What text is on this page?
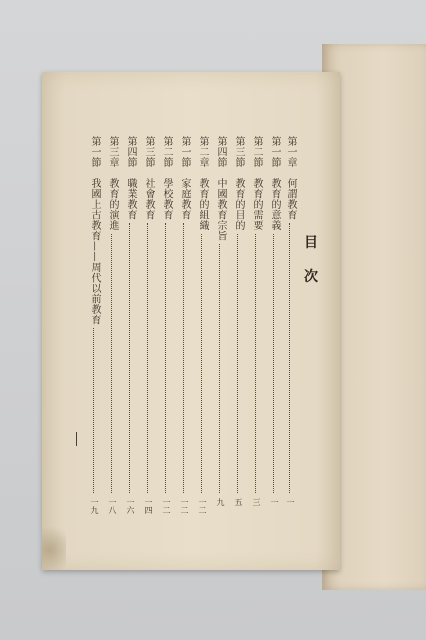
目
次
第一章　何謂教育
一
第一節　教育的意義
一
第二節　教育的需要
三
第三節　教育的目的
五
第四節　中國教育宗旨
九
第二章　教育的組織
一二
第一節　家庭教育
一二
第二節　學校教育
一二
第三節　社會教育
一四
第四節　職業教育
一六
第三章　教育的演進
一八
第一節　我國上古教育——周代以前教育
一九
